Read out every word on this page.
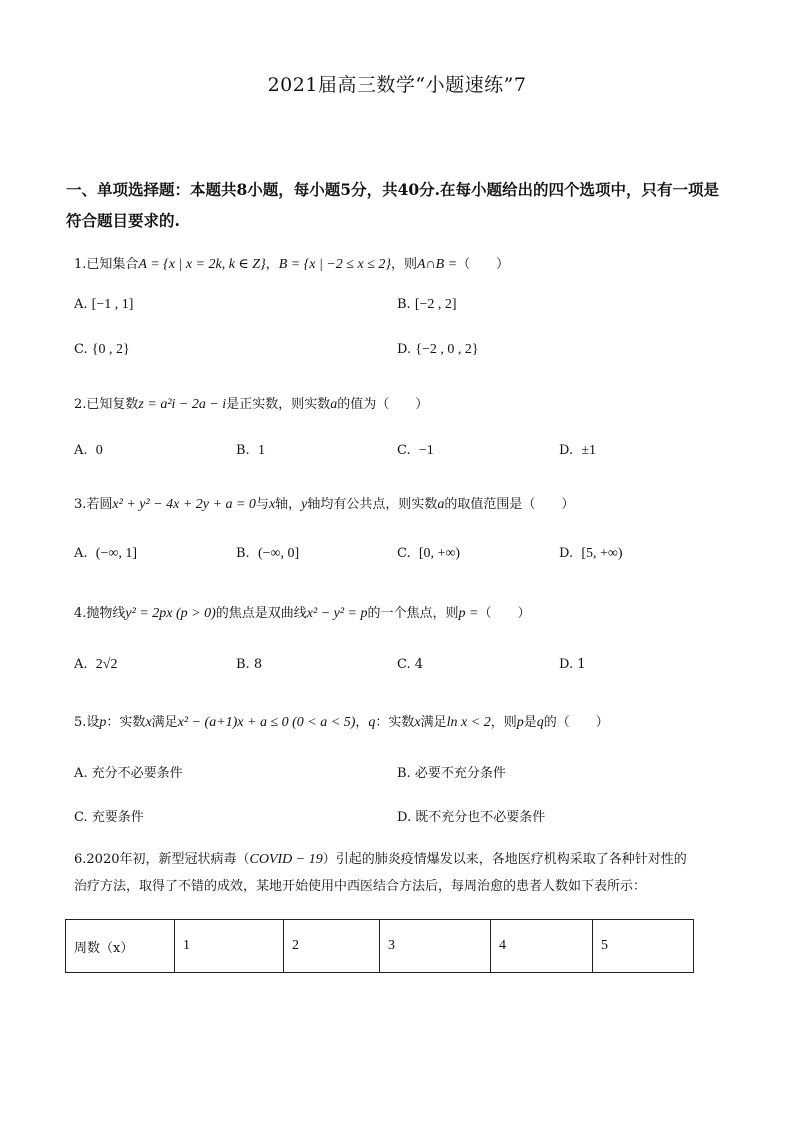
2021届高三数学“小题速练”7
一、单项选择题：本题共8小题，每小题5分，共40分.在每小题给出的四个选项中，只有一项是符合题目要求的.
1.已知集合A = {x | x = 2k, k ∈ Z}，B = {x | −2 ≤ x ≤ 2}，则A∩B =（　　）
A. [−1 , 1]	B. [−2 , 2]
C. {0 , 2}	D. {−2 , 0 , 2}
2.已知复数z = a²i − 2a − i是正实数，则实数a的值为（　　）
A. 0	B. 1	C. −1	D. ±1
3.若圆x² + y² − 4x + 2y + a = 0与x轴，y轴均有公共点，则实数a的取值范围是（　　）
A. (−∞, 1]	B. (−∞, 0]	C. [0, +∞)	D. [5, +∞)
4.抛物线y² = 2px (p > 0)的焦点是双曲线x² − y² = p的一个焦点，则p =（　　）
A. 2√2	B. 8	C. 4	D. 1
5.设p：实数x满足x² − (a+1)x + a ≤ 0 (0 < a < 5)，q：实数x满足ln x < 2，则p是q的（　　）
A. 充分不必要条件	B. 必要不充分条件
C. 充要条件	D. 既不充分也不必要条件
6.2020年初，新型冠状病毒（COVID − 19）引起的肺炎疫情爆发以来，各地医疗机构采取了各种针对性的
治疗方法，取得了不错的成效，某地开始使用中西医结合方法后，每周治愈的患者人数如下表所示：
周数（x）	1	2	3	4	5
